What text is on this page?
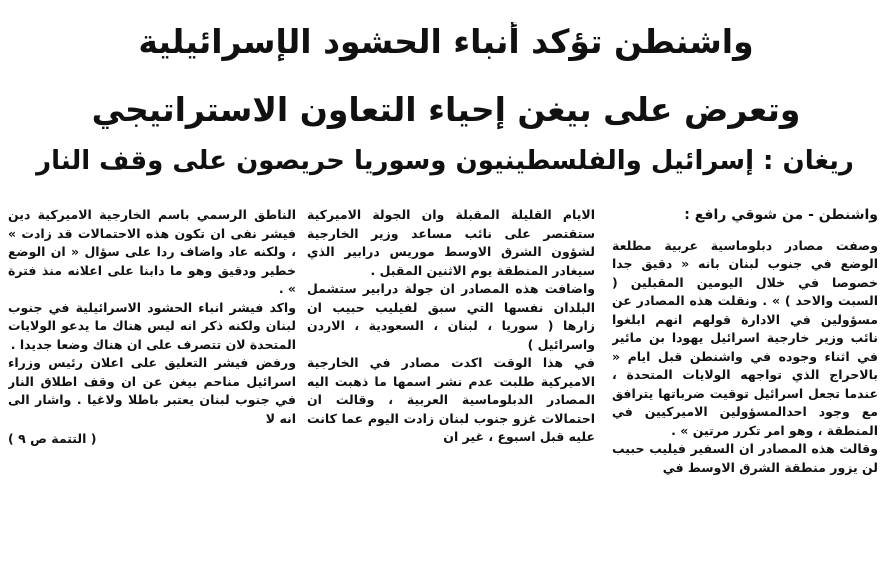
واشنطن تؤكد أنباء الحشود الإسرائيلية
وتعرض على بيغن إحياء التعاون الاستراتيجي
ريغان : إسرائيل والفلسطينيون وسوريا حريصون على وقف النار
واشنطن - من شوقي رافع :

وصفت مصادر دبلوماسية عربية مطلعة الوضع في جنوب لبنان بانه « دقيق جدا خصوصا في خلال اليومين المقبلين ( السبت والاحد ) » . ونقلت هذه المصادر عن مسؤولين في الادارة قولهم انهم ابلغوا نائب وزير خارجية اسرائيل يهودا بن مائير في اثناء وجوده في واشنطن قبل ايام « بالاحراج الذي تواجهه الولايات المتحدة ، عندما تجعل اسرائيل توقيت ضرباتها يترافق مع وجود احدالمسؤولين الاميركيين في المنطقة ، وهو امر تكرر مرتين » .

وقالت هذه المصادر ان السفير فيليب حبيب لن يزور منطقة الشرق الاوسط في

الايام القليلة المقبلة وان الجولة الاميركية ستقتصر على نائب مساعد وزير الخارجية لشؤون الشرق الاوسط موريس درابير الذي سيغادر المنطقة يوم الاثنين المقبل .

واضافت هذه المصادر ان جولة درابير ستشمل البلدان نفسها التي سبق لفيليب حبيب ان زارها ( سوريا ، لبنان ، السعودية ، الاردن واسرائيل )

في هذا الوقت اكدت مصادر في الخارجية الاميركية طلبت عدم نشر اسمها ما ذهبت اليه المصادر الدبلوماسية العربية ، وقالت ان احتمالات غزو جنوب لبنان زادت اليوم عما كانت عليه قبل اسبوع ، غير ان

الناطق الرسمي باسم الخارجية الاميركية دين فيشر نفى ان تكون هذه الاحتمالات قد زادت » ، ولكنه عاد واضاف ردا على سؤال « ان الوضع خطير ودقيق وهو ما دابنا على اعلانه منذ فترة » .

واكد فيشر انباء الحشود الاسرائيلية في جنوب لبنان ولكنه ذكر انه ليس هناك ما يدعو الولايات المتحدة لان تتصرف على ان هناك وضعا جديدا .

ورفض فيشر التعليق على اعلان رئيس وزراء اسرائيل مناحم بيغن عن ان وقف اطلاق النار في جنوب لبنان يعتبر باطلا ولاغيا . واشار الى انه لا

( التتمة ص ٩ )
